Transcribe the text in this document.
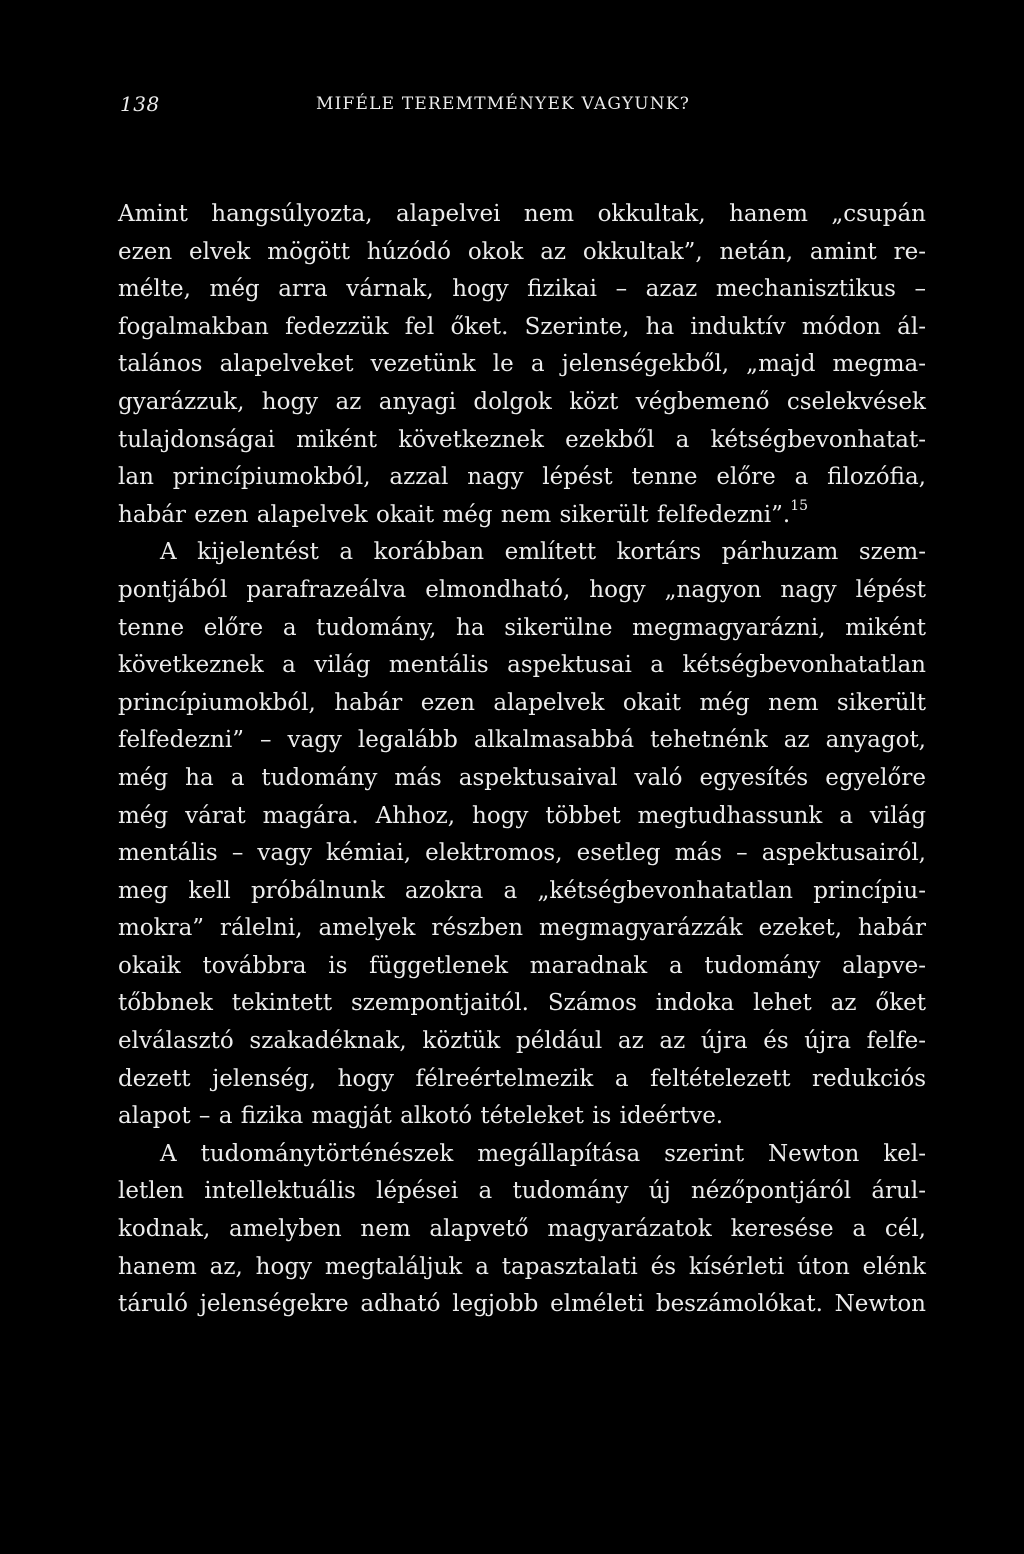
138	MIFÉLE TEREMTMÉNYEK VAGYUNK?
Amint hangsúlyozta, alapelvei nem okkultak, hanem „csupán
ezen elvek mögött húzódó okok az okkultak”, netán, amint re-
mélte, még arra várnak, hogy fizikai – azaz mechanisztikus –
fogalmakban fedezzük fel őket. Szerinte, ha induktív módon ál-
talános alapelveket vezetünk le a jelenségekből, „majd megma-
gyarázzuk, hogy az anyagi dolgok közt végbemenő cselekvések
tulajdonságai miként következnek ezekből a kétségbevonhatat-
lan princípiumokból, azzal nagy lépést tenne előre a filozófia,
habár ezen alapelvek okait még nem sikerült felfedezni”.$^{15}$
A kijelentést a korábban említett kortárs párhuzam szem-
pontjából parafrazeálva elmondható, hogy „nagyon nagy lépést
tenne előre a tudomány, ha sikerülne megmagyarázni, miként
következnek a világ mentális aspektusai a kétségbevonhatatlan
princípiumokból, habár ezen alapelvek okait még nem sikerült
felfedezni” – vagy legalább alkalmasabbá tehetnénk az anyagot,
még ha a tudomány más aspektusaival való egyesítés egyelőre
még várat magára. Ahhoz, hogy többet megtudhassunk a világ
mentális – vagy kémiai, elektromos, esetleg más – aspektusairól,
meg kell próbálnunk azokra a „kétségbevonhatatlan princípiu-
mokra” rálelni, amelyek részben megmagyarázzák ezeket, habár
okaik továbbra is függetlenek maradnak a tudomány alapve-
tőbbnek tekintett szempontjaitól. Számos indoka lehet az őket
elválasztó szakadéknak, köztük például az az újra és újra felfe-
dezett jelenség, hogy félreértelmezik a feltételezett redukciós
alapot – a fizika magját alkotó tételeket is ideértve.
A tudománytörténészek megállapítása szerint Newton kel-
letlen intellektuális lépései a tudomány új nézőpontjáról árul-
kodnak, amelyben nem alapvető magyarázatok keresése a cél,
hanem az, hogy megtaláljuk a tapasztalati és kísérleti úton elénk
táruló jelenségekre adható legjobb elméleti beszámolókat. Newton
